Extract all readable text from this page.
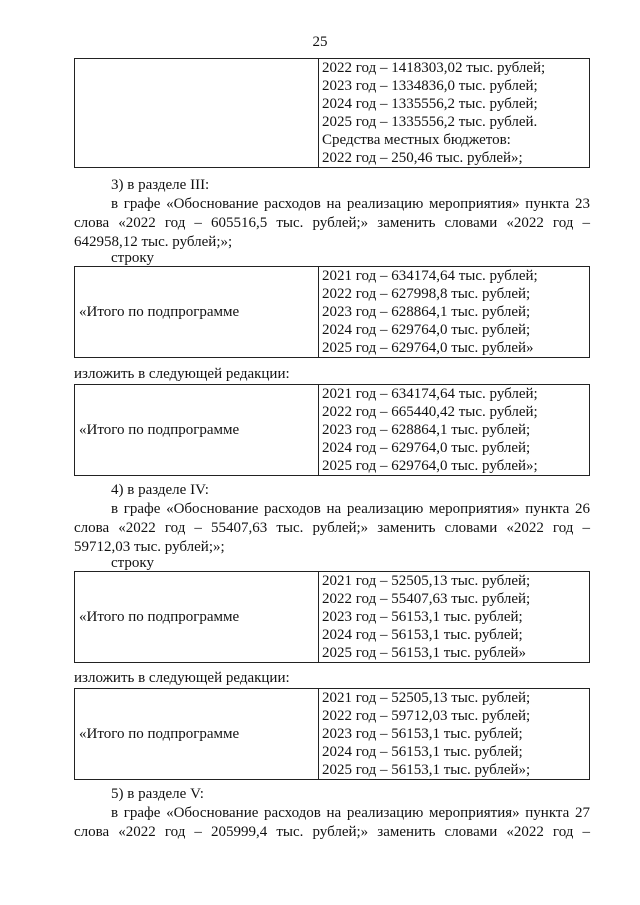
25
2022 год – 1418303,02 тыс. рублей;
2023 год – 1334836,0 тыс. рублей;
2024 год – 1335556,2 тыс. рублей;
2025 год – 1335556,2 тыс. рублей.
Средства местных бюджетов:
2022 год – 250,46 тыс. рублей»;
3) в разделе III:
в графе «Обоснование расходов на реализацию мероприятия» пункта 23
слова «2022 год – 605516,5 тыс. рублей;» заменить словами «2022 год –
642958,12 тыс. рублей;»;
строку
«Итого по подпрограмме
2021 год – 634174,64 тыс. рублей;
2022 год – 627998,8 тыс. рублей;
2023 год – 628864,1 тыс. рублей;
2024 год – 629764,0 тыс. рублей;
2025 год – 629764,0 тыс. рублей»
изложить в следующей редакции:
«Итого по подпрограмме
2021 год – 634174,64 тыс. рублей;
2022 год – 665440,42 тыс. рублей;
2023 год – 628864,1 тыс. рублей;
2024 год – 629764,0 тыс. рублей;
2025 год – 629764,0 тыс. рублей»;
4) в разделе IV:
в графе «Обоснование расходов на реализацию мероприятия» пункта 26
слова «2022 год – 55407,63 тыс. рублей;» заменить словами «2022 год –
59712,03 тыс. рублей;»;
строку
«Итого по подпрограмме
2021 год – 52505,13 тыс. рублей;
2022 год – 55407,63 тыс. рублей;
2023 год – 56153,1 тыс. рублей;
2024 год – 56153,1 тыс. рублей;
2025 год – 56153,1 тыс. рублей»
изложить в следующей редакции:
«Итого по подпрограмме
2021 год – 52505,13 тыс. рублей;
2022 год – 59712,03 тыс. рублей;
2023 год – 56153,1 тыс. рублей;
2024 год – 56153,1 тыс. рублей;
2025 год – 56153,1 тыс. рублей»;
5) в разделе V:
в графе «Обоснование расходов на реализацию мероприятия» пункта 27
слова «2022 год – 205999,4 тыс. рублей;» заменить словами «2022 год –
